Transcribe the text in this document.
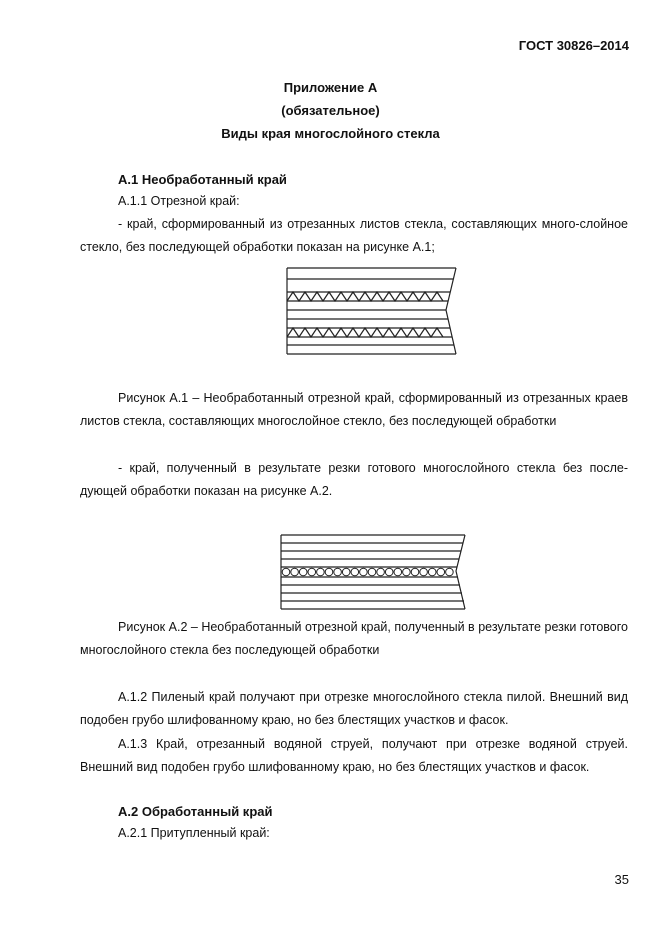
ГОСТ 30826–2014
Приложение А
(обязательное)
Виды края многослойного стекла
А.1 Необработанный край
А.1.1 Отрезной край:
- край, сформированный из отрезанных листов стекла, составляющих много-слойное стекло, без последующей обработки показан на рисунке А.1;
Рисунок А.1 – Необработанный отрезной край, сформированный из отрезанных краев листов стекла, составляющих многослойное стекло, без последующей обработки
- край, полученный в результате резки готового многослойного стекла без после-дующей обработки показан на рисунке А.2.
Рисунок А.2 – Необработанный отрезной край, полученный в результате резки готового многослойного стекла без последующей обработки
А.1.2 Пиленый край получают при отрезке многослойного стекла пилой. Внешний вид подобен грубо шлифованному краю, но без блестящих участков и фасок.
А.1.3 Край, отрезанный водяной струей, получают при отрезке водяной струей. Внешний вид подобен грубо шлифованному краю, но без блестящих участков и фасок.
А.2 Обработанный край
А.2.1 Притупленный край:
35
